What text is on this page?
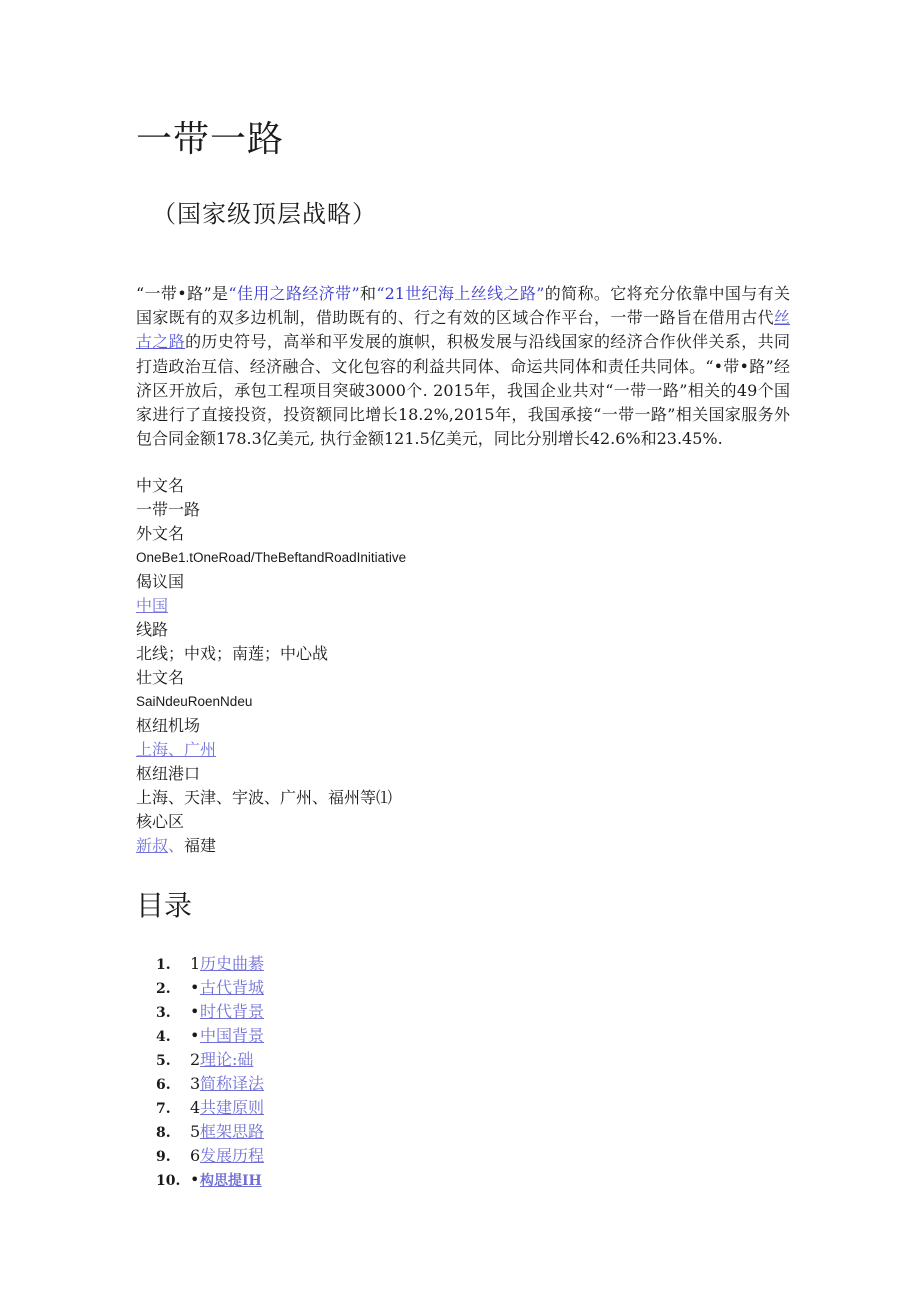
一带一路
（国家级顶层战略）

“一带•路”是“佳用之路经济带”和“21世纪海上丝线之路”的简称。它将充分依靠中国与有关国家既有的双多边机制，借助既有的、行之有效的区域合作平台，一带一路旨在借用古代丝古之路的历史符号，高举和平发展的旗帜，积极发展与沿线国家的经济合作伙伴关系，共同打造政治互信、经济融合、文化包容的利益共同体、命运共同体和责任共同体。“•带•路”经济区开放后，承包工程项目突破3000个. 2015年，我国企业共对“一带一路”相关的49个国家进行了直接投资，投资额同比增长18.2%,2015年，我国承接“一带一路”相关国家服务外包合同金额178.3亿美元, 执行金额121.5亿美元，同比分别增长42.6%和23.45%.

中文名
一带一路
外文名
OneBe1.tOneRoad/TheBeftandRoadInitiative
偈议国
中国
线路
北线；中戏；南莲；中心战
壮文名
SaiNdeuRoenNdeu
枢纽机场
上海、广州
枢纽港口
上海、天津、宇波、广州、福州等⑴
核心区
新叔、福建
目录
1. 1历史曲綦
2. •古代背城
3. •时代背景
4. •中国背景
5. 2理论:础
6. 3简称译法
7. 4共建原则
8. 5框架思路
9. 6发展历程
10. •构思提IH
